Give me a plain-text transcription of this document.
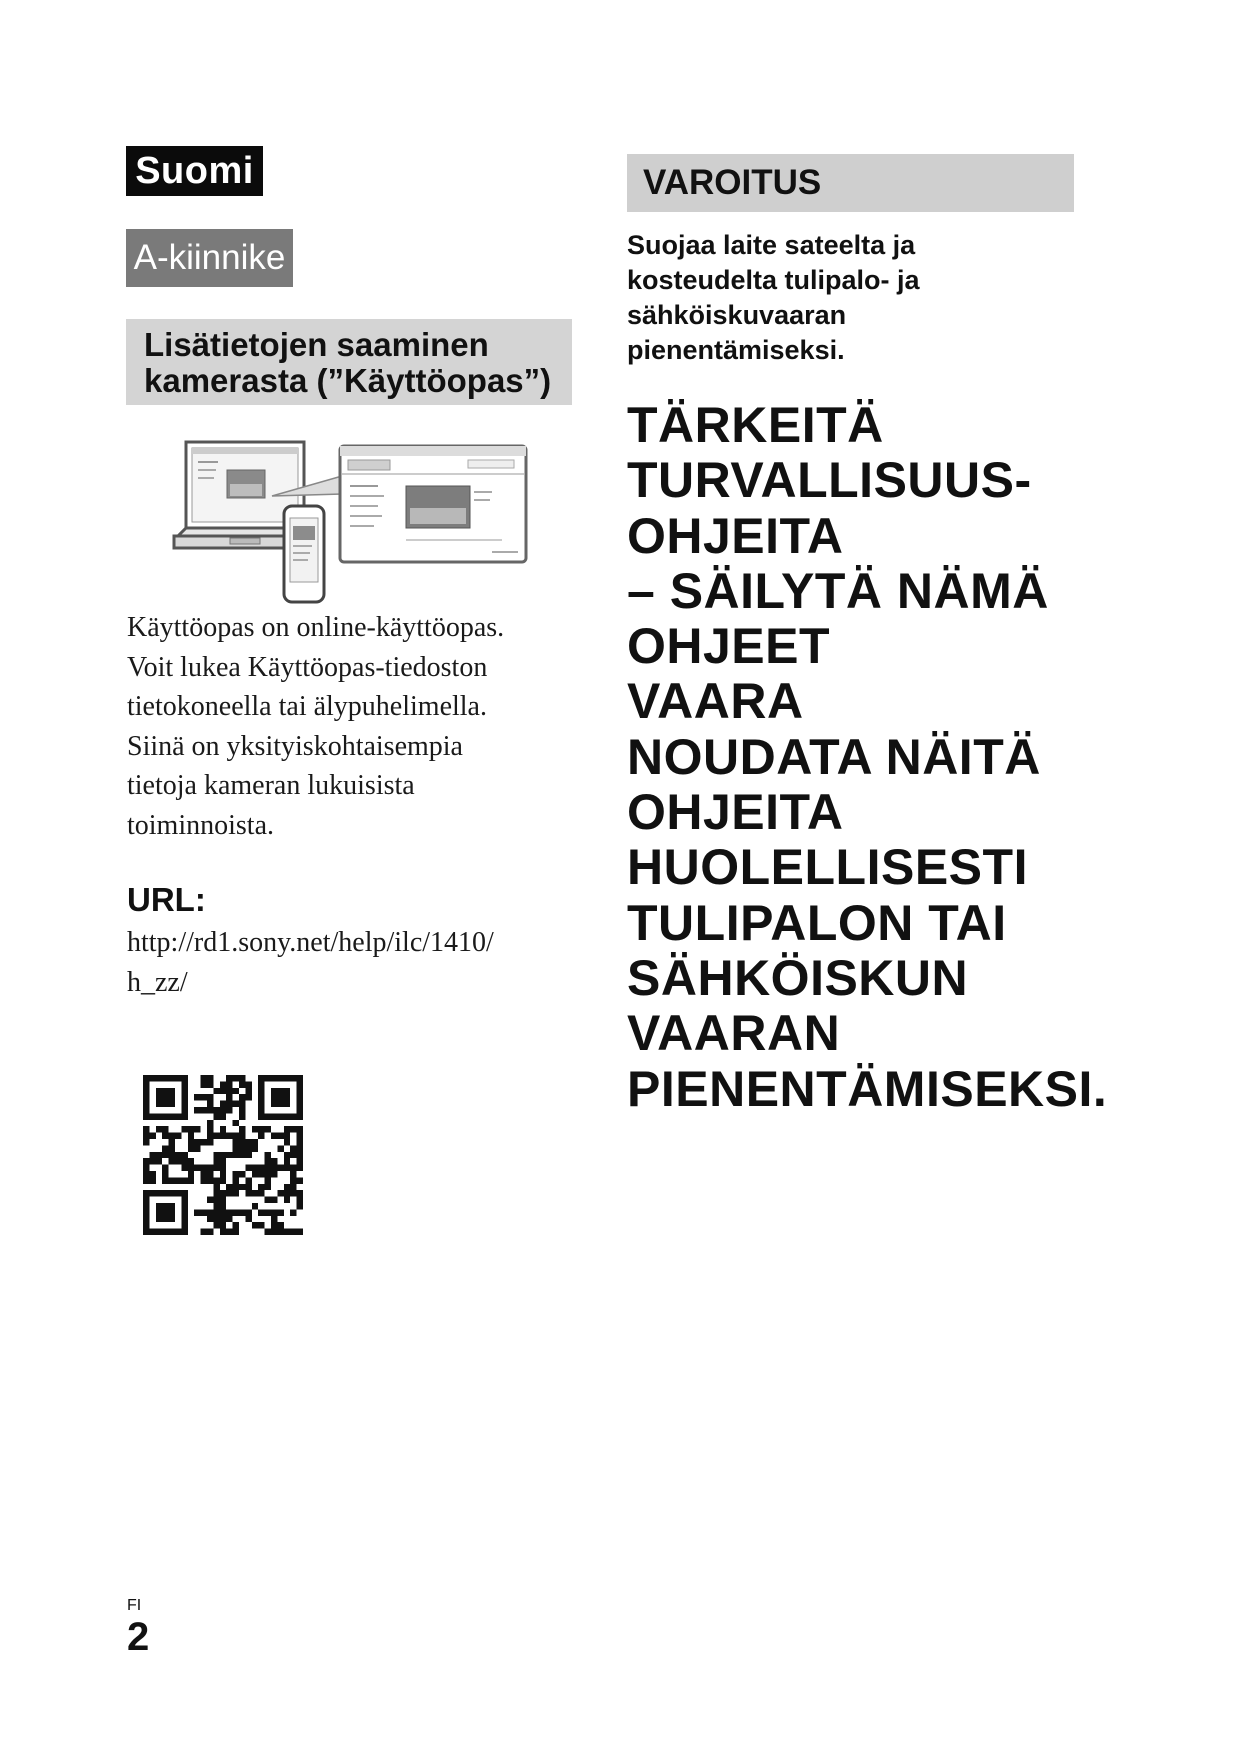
Suomi
A-kiinnike
Lisätietojen saaminen
kamerasta (”Käyttöopas”)
Käyttöopas on online-käyttöopas.
Voit lukea Käyttöopas-tiedoston
tietokoneella tai älypuhelimella.
Siinä on yksityiskohtaisempia
tietoja kameran lukuisista
toiminnoista.
URL:
http://rd1.sony.net/help/ilc/1410/
h_zz/
VAROITUS
Suojaa laite sateelta ja
kosteudelta tulipalo- ja
sähköiskuvaaran
pienentämiseksi.
TÄRKEITÄ
TURVALLISUUS-
OHJEITA
– SÄILYTÄ NÄMÄ
OHJEET
VAARA
NOUDATA NÄITÄ
OHJEITA
HUOLELLISESTI
TULIPALON TAI
SÄHKÖISKUN
VAARAN
PIENENTÄMISEKSI.
FI
2
